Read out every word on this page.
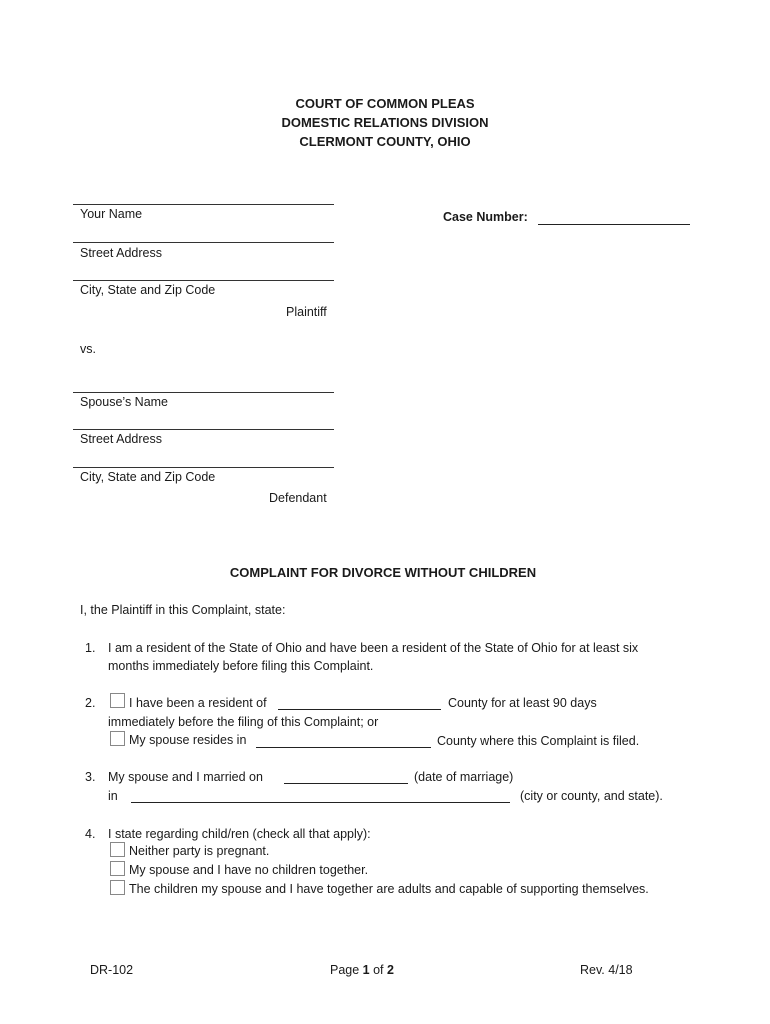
COURT OF COMMON PLEAS
DOMESTIC RELATIONS DIVISION
CLERMONT COUNTY, OHIO
Your Name
Street Address
City, State and Zip Code
Plaintiff
Case Number:
vs.
Spouse’s Name
Street Address
City, State and Zip Code
Defendant
COMPLAINT FOR DIVORCE WITHOUT CHILDREN
I, the Plaintiff in this Complaint, state:
1. I am a resident of the State of Ohio and have been a resident of the State of Ohio for at least six
months immediately before filing this Complaint.
2.	I have been a resident of	County for at least 90 days
immediately before the filing of this Complaint; or
My spouse resides in	County where this Complaint is filed.
3. My spouse and I married on	(date of marriage)
in	(city or county, and state).
4. I state regarding child/ren (check all that apply):
Neither party is pregnant.
My spouse and I have no children together.
The children my spouse and I have together are adults and capable of supporting themselves.
DR-102	Page 1 of 2	Rev. 4/18
